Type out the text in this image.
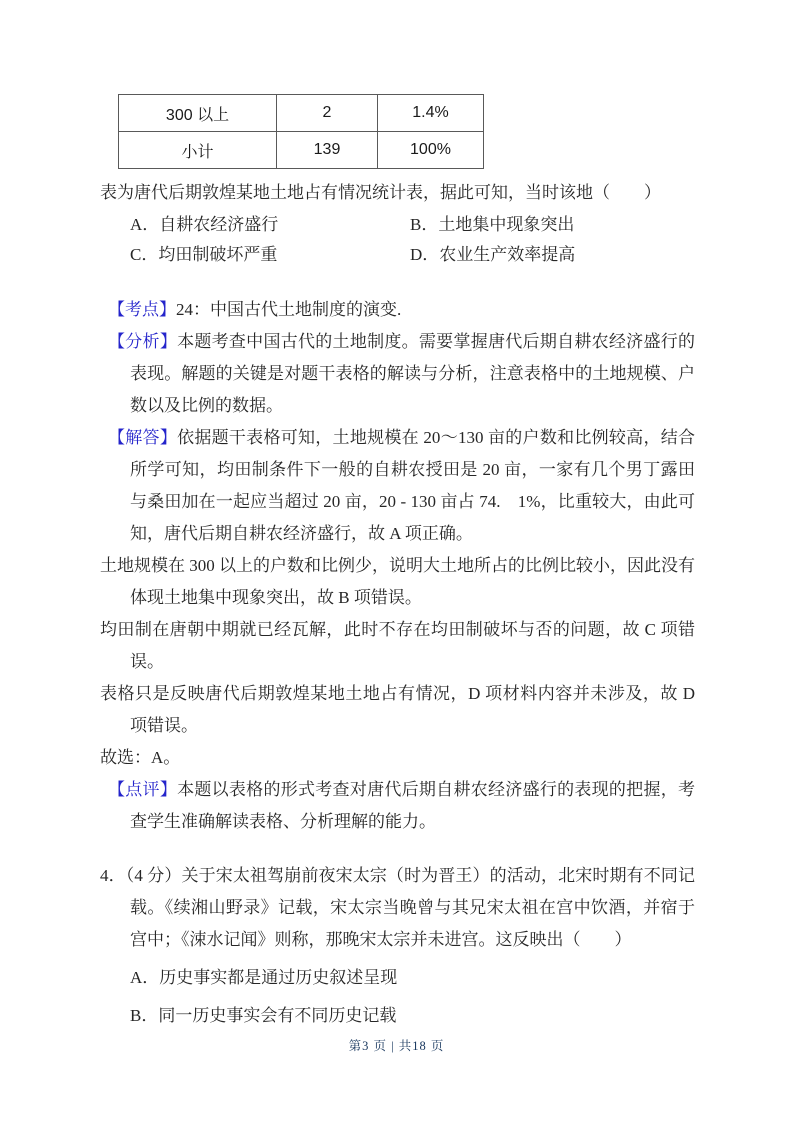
300 以上	2	1.4%
小计	139	100%

表为唐代后期敦煌某地土地占有情况统计表，据此可知，当时该地（　　）

A．自耕农经济盛行	B．土地集中现象突出
C．均田制破坏严重	D．农业生产效率提高

【考点】24：中国古代土地制度的演变.

【分析】本题考查中国古代的土地制度。需要掌握唐代后期自耕农经济盛行的表现。解题的关键是对题干表格的解读与分析，注意表格中的土地规模、户数以及比例的数据。

【解答】依据题干表格可知，土地规模在 20～130 亩的户数和比例较高，结合所学可知，均田制条件下一般的自耕农授田是 20 亩，一家有几个男丁露田与桑田加在一起应当超过 20 亩，20 - 130 亩占 74.　1%，比重较大，由此可知，唐代后期自耕农经济盛行，故 A 项正确。

土地规模在 300 以上的户数和比例少，说明大土地所占的比例比较小，因此没有体现土地集中现象突出，故 B 项错误。

均田制在唐朝中期就已经瓦解，此时不存在均田制破坏与否的问题，故 C 项错误。

表格只是反映唐代后期敦煌某地土地占有情况，D 项材料内容并未涉及，故 D 项错误。

故选：A。

【点评】本题以表格的形式考查对唐代后期自耕农经济盛行的表现的把握，考查学生准确解读表格、分析理解的能力。

4．（4 分）关于宋太祖驾崩前夜宋太宗（时为晋王）的活动，北宋时期有不同记载。《续湘山野录》记载，宋太宗当晚曾与其兄宋太祖在宫中饮酒，并宿于宫中；《涑水记闻》则称，那晚宋太宗并未进宫。这反映出（　　）

A．历史事实都是通过历史叙述呈现
B．同一历史事实会有不同历史记载
第3 页 | 共18 页
